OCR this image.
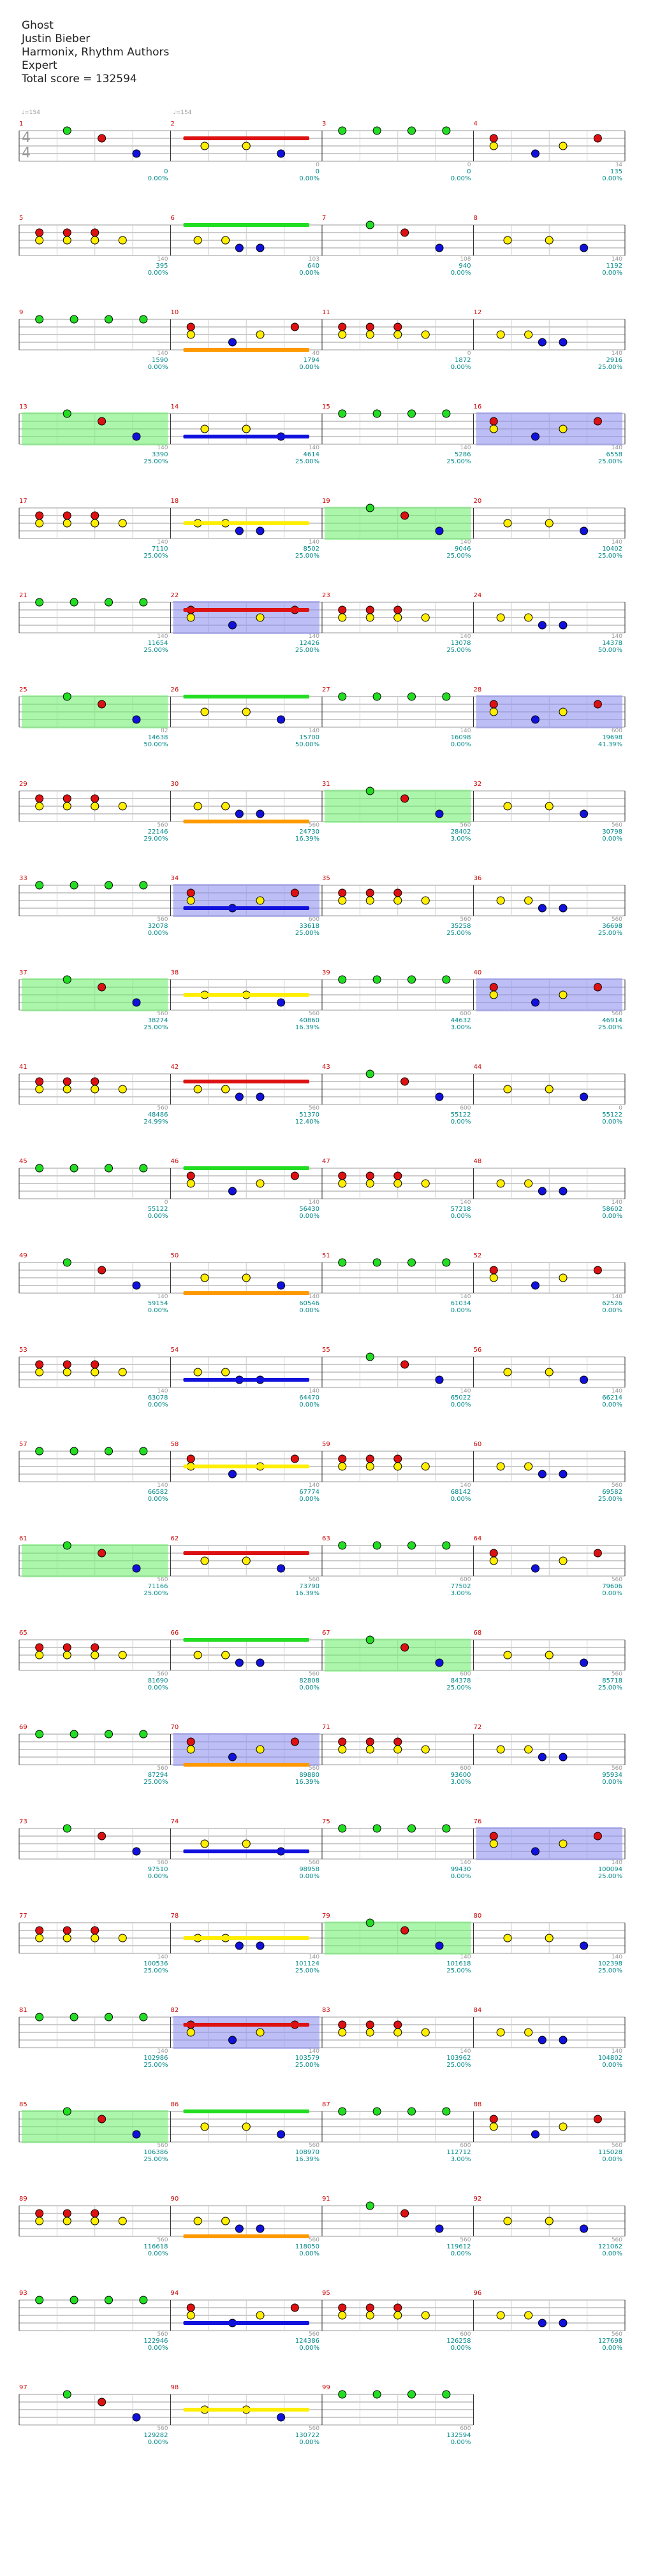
Ghost
Justin Bieber
Harmonix, Rhythm Authors
Expert
Total score = 132594
1
0
0.00%
♩=154
2
0
0
0.00%
♩=154
3
0
0
0.00%
4
34
135
0.00%
4
4
5
140
395
0.00%
6
103
640
0.00%
7
108
940
0.00%
8
140
1192
0.00%
9
140
1590
0.00%
10
40
1794
0.00%
11
0
1872
0.00%
12
140
2916
25.00%
13
140
3390
25.00%
14
140
4614
25.00%
15
140
5286
25.00%
16
140
6558
25.00%
17
140
7110
25.00%
18
140
8502
25.00%
19
140
9046
25.00%
20
140
10402
25.00%
21
140
11654
25.00%
22
140
12426
25.00%
23
140
13078
25.00%
24
140
14378
50.00%
25
82
14638
50.00%
26
140
15700
50.00%
27
140
16098
0.00%
28
600
19698
41.39%
29
560
22146
29.00%
30
560
24730
16.39%
31
560
28402
3.00%
32
560
30798
0.00%
33
560
32078
0.00%
34
600
33618
25.00%
35
560
35258
25.00%
36
560
36698
25.00%
37
560
38274
25.00%
38
560
40860
16.39%
39
600
44632
3.00%
40
560
46914
25.00%
41
560
48486
24.99%
42
560
51370
12.40%
43
600
55122
0.00%
44
0
55122
0.00%
45
0
55122
0.00%
46
140
56430
0.00%
47
140
57218
0.00%
48
140
58602
0.00%
49
140
59154
0.00%
50
140
60546
0.00%
51
140
61034
0.00%
52
140
62526
0.00%
53
140
63078
0.00%
54
140
64470
0.00%
55
140
65022
0.00%
56
140
66214
0.00%
57
140
66582
0.00%
58
140
67774
0.00%
59
140
68142
0.00%
60
560
69582
25.00%
61
560
71166
25.00%
62
560
73790
16.39%
63
600
77502
3.00%
64
560
79606
0.00%
65
560
81690
0.00%
66
560
82808
0.00%
67
600
84378
25.00%
68
560
85718
25.00%
69
560
87294
25.00%
70
560
89880
16.39%
71
600
93600
3.00%
72
560
95934
0.00%
73
560
97510
0.00%
74
560
98958
0.00%
75
140
99430
0.00%
76
140
100094
25.00%
77
140
100536
25.00%
78
140
101124
25.00%
79
140
101618
25.00%
80
140
102398
25.00%
81
140
102986
25.00%
82
140
103579
25.00%
83
140
103962
25.00%
84
140
104802
0.00%
85
560
106386
25.00%
86
560
108970
16.39%
87
600
112712
3.00%
88
560
115028
0.00%
89
560
116618
0.00%
90
560
118050
0.00%
91
560
119612
0.00%
92
560
121062
0.00%
93
560
122946
0.00%
94
560
124386
0.00%
95
600
126258
0.00%
96
560
127698
0.00%
97
560
129282
0.00%
98
560
130722
0.00%
99
600
132594
0.00%
